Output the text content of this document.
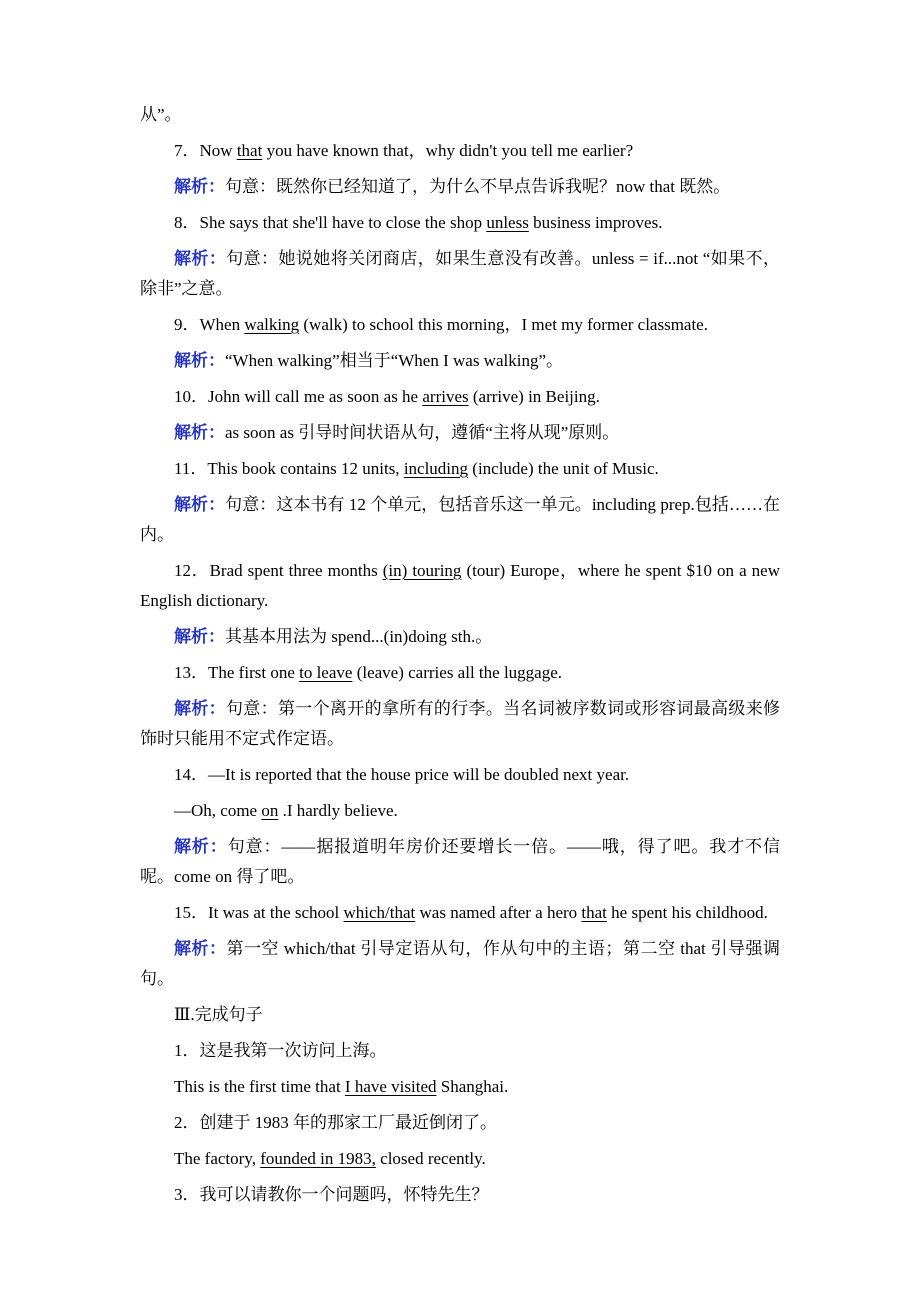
从”。

7．Now that you have known that，why didn't you tell me earlier?

解析：句意：既然你已经知道了，为什么不早点告诉我呢？now that 既然。

8．She says that she'll have to close the shop unless business improves.

解析：句意：她说她将关闭商店，如果生意没有改善。unless = if...not “如果不，除非”之意。

9．When walking (walk) to school this morning，I met my former classmate.

解析：“When walking”相当于“When I was walking”。

10．John will call me as soon as he arrives (arrive) in Beijing.

解析：as soon as 引导时间状语从句，遵循“主将从现”原则。

11．This book contains 12 units, including (include) the unit of Music.

解析：句意：这本书有 12 个单元，包括音乐这一单元。including prep.包括……在内。

12．Brad spent three months (in) touring (tour) Europe，where he spent $10 on a new English dictionary.

解析：其基本用法为 spend...(in)doing sth.。

13．The first one to leave (leave) carries all the luggage.

解析：句意：第一个离开的拿所有的行李。当名词被序数词或形容词最高级来修饰时只能用不定式作定语。

14．—It is reported that the house price will be doubled next year.

—Oh, come on .I hardly believe.

解析：句意：——据报道明年房价还要增长一倍。——哦，得了吧。我才不信呢。come on 得了吧。

15．It was at the school which/that was named after a hero that he spent his childhood.

解析：第一空 which/that 引导定语从句，作从句中的主语；第二空 that 引导强调句。

Ⅲ.完成句子

1．这是我第一次访问上海。

This is the first time that I have visited Shanghai.

2．创建于 1983 年的那家工厂最近倒闭了。

The factory, founded in 1983, closed recently.

3．我可以请教你一个问题吗，怀特先生？
